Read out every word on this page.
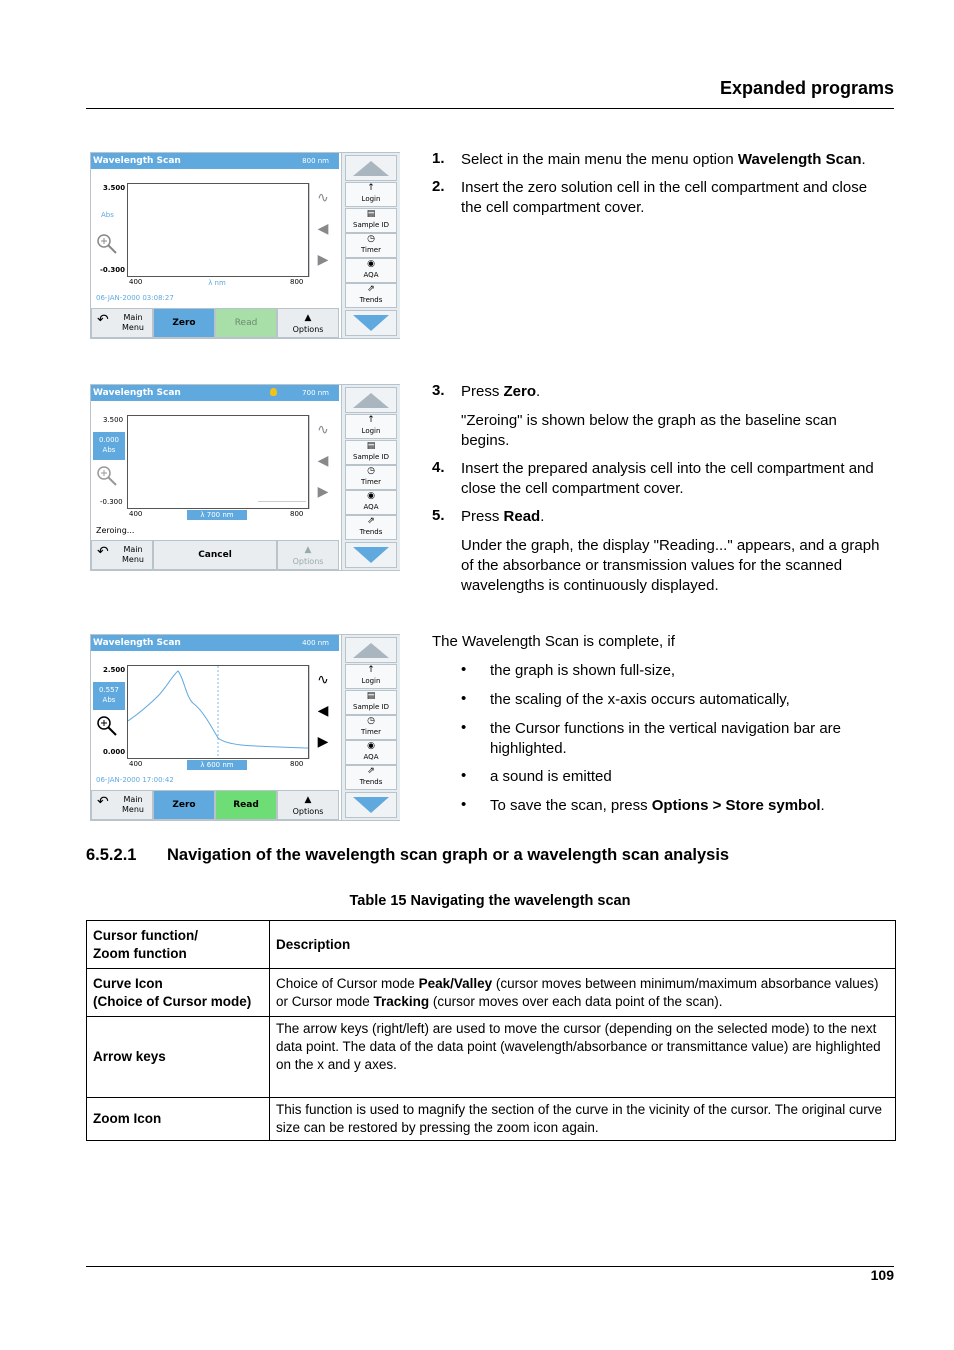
Expanded programs
Wavelength Scan	800 nm
3.500
Abs
-0.300
400	λ nm	800
06-JAN-2000 03:08:27
∿
◀
▶
↑
Login
▤
Sample ID
◷
Timer
◉
AQA
⇗
Trends
↶	Main Menu	Zero	Read	▲
Options
Wavelength Scan	700 nm
3.500
0.000
Abs
-0.300
400	λ 700 nm	800
Zeroing...
∿
◀
▶
↑
Login
▤
Sample ID
◷
Timer
◉
AQA
⇗
Trends
↶	Main Menu	Cancel	▲
Options
Wavelength Scan	400 nm
2.500
0.557
Abs
0.000
400	λ 600 nm	800
06-JAN-2000 17:00:42
∿
◀
▶
↑
Login
▤
Sample ID
◷
Timer
◉
AQA
⇗
Trends
↶	Main Menu	Zero	Read	▲
Options
1. Select in the main menu the menu option Wavelength Scan.
2. Insert the zero solution cell in the cell compartment and close the cell compartment cover.
3. Press Zero.
"Zeroing" is shown below the graph as the baseline scan begins.
4. Insert the prepared analysis cell into the cell compartment and close the cell compartment cover.
5. Press Read.
Under the graph, the display "Reading..." appears, and a graph of the absorbance or transmission values for the scanned wavelengths is continuously displayed.
The Wavelength Scan is complete, if
• the graph is shown full-size,
• the scaling of the x-axis occurs automatically,
• the Cursor functions in the vertical navigation bar are highlighted.
• a sound is emitted
• To save the scan, press Options > Store symbol.
6.5.2.1 Navigation of the wavelength scan graph or a wavelength scan analysis
Table 15 Navigating the wavelength scan
Cursor function/
Zoom function	Description
Curve Icon
(Choice of Cursor mode)	Choice of Cursor mode Peak/Valley (cursor moves between minimum/maximum absorbance values) or Cursor mode Tracking (cursor moves over each data point of the scan).
Arrow keys	The arrow keys (right/left) are used to move the cursor (depending on the selected mode) to the next data point. The data of the data point (wavelength/absorbance or transmittance value) are highlighted on the x and y axes.
Zoom Icon	This function is used to magnify the section of the curve in the vicinity of the cursor. The original curve size can be restored by pressing the zoom icon again.
109
